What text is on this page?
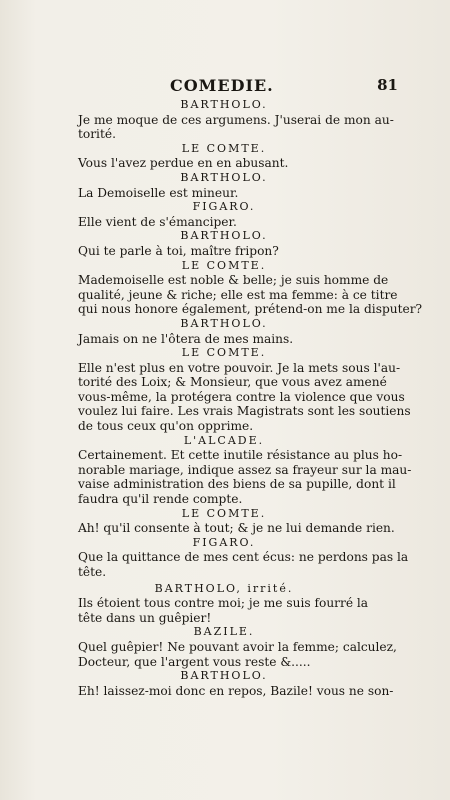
COMEDIE.	81
BARTHOLO.
Je me moque de ces argumens. J'userai de mon au-
torité.
LE COMTE.
Vous l'avez perdue en en abusant.
BARTHOLO.
La Demoiselle est mineur.
FIGARO.
Elle vient de s'émanciper.
BARTHOLO.
Qui te parle à toi, maître fripon?
LE COMTE.
Mademoiselle est noble & belle; je suis homme de
qualité, jeune & riche; elle est ma femme: à ce titre
qui nous honore également, prétend-on me la disputer?
BARTHOLO.
Jamais on ne l'ôtera de mes mains.
LE COMTE.
Elle n'est plus en votre pouvoir. Je la mets sous l'au-
torité des Loix; & Monsieur, que vous avez amené
vous-même, la protégera contre la violence que vous
voulez lui faire. Les vrais Magistrats sont les soutiens
de tous ceux qu'on opprime.
L'ALCADE.
Certainement. Et cette inutile résistance au plus ho-
norable mariage, indique assez sa frayeur sur la mau-
vaise administration des biens de sa pupille, dont il
faudra qu'il rende compte.
LE COMTE.
Ah! qu'il consente à tout; & je ne lui demande rien.
FIGARO.
Que la quittance de mes cent écus: ne perdons pas la
tête.
BARTHOLO, irrité.
Ils étoient tous contre moi; je me suis fourré la
tête dans un guêpier!
BAZILE.
Quel guêpier! Ne pouvant avoir la femme; calculez,
Docteur, que l'argent vous reste &.....
BARTHOLO.
Eh! laissez-moi donc en repos, Bazile! vous ne son-
